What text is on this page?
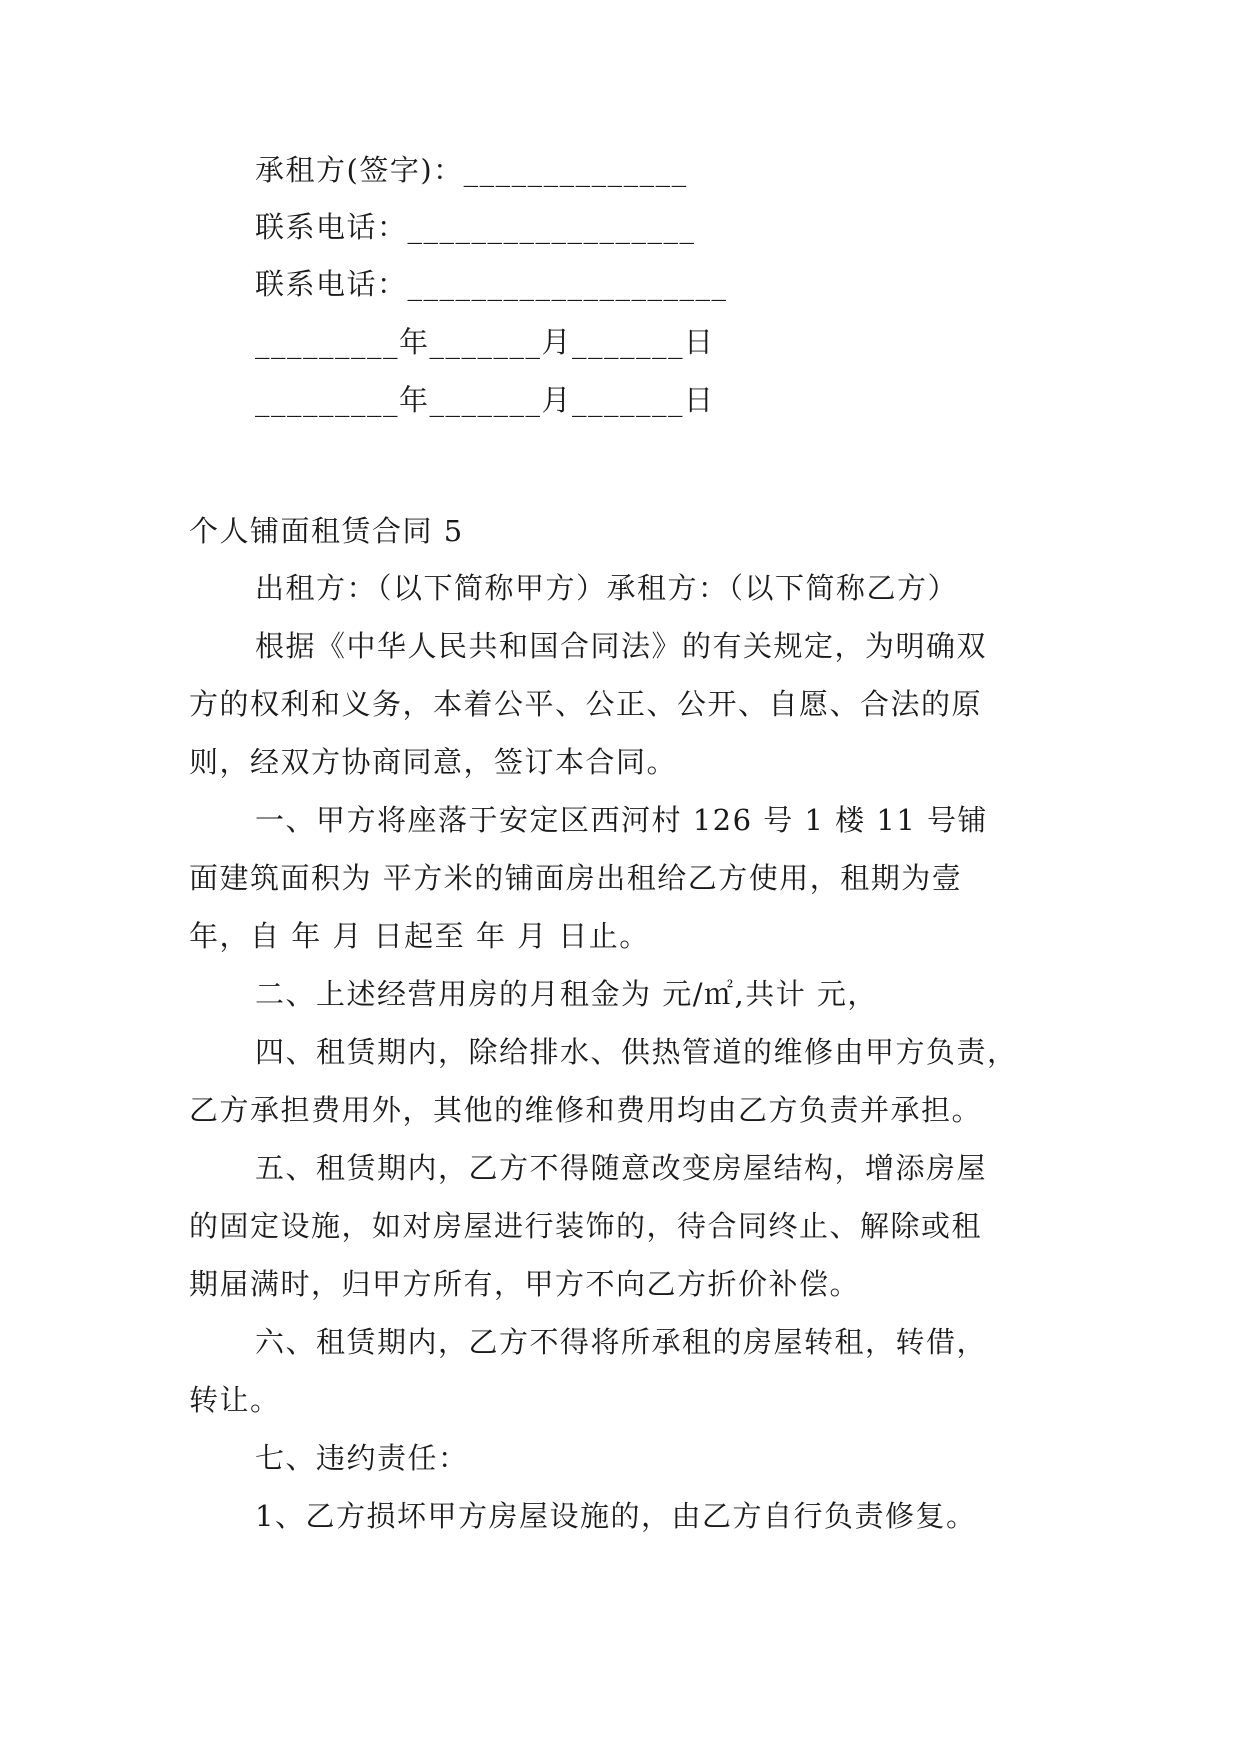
承租方(签字)：______________
联系电话：__________________
联系电话：____________________
_________年_______月_______日
_________年_______月_______日
个人铺面租赁合同 5
出租方：（以下简称甲方）承租方：（以下简称乙方）
根据《中华人民共和国合同法》的有关规定，为明确双
方的权利和义务，本着公平、公正、公开、自愿、合法的原
则，经双方协商同意，签订本合同。
一、甲方将座落于安定区西河村 126 号 1 楼 11 号铺
面建筑面积为 平方米的铺面房出租给乙方使用，租期为壹
年，自 年 月 日起至 年 月 日止。
二、上述经营用房的月租金为 元/㎡,共计 元，
四、租赁期内，除给排水、供热管道的维修由甲方负责，
乙方承担费用外，其他的维修和费用均由乙方负责并承担。
五、租赁期内，乙方不得随意改变房屋结构，增添房屋
的固定设施，如对房屋进行装饰的，待合同终止、解除或租
期届满时，归甲方所有，甲方不向乙方折价补偿。
六、租赁期内，乙方不得将所承租的房屋转租，转借，
转让。
七、违约责任：
1、乙方损坏甲方房屋设施的，由乙方自行负责修复。
